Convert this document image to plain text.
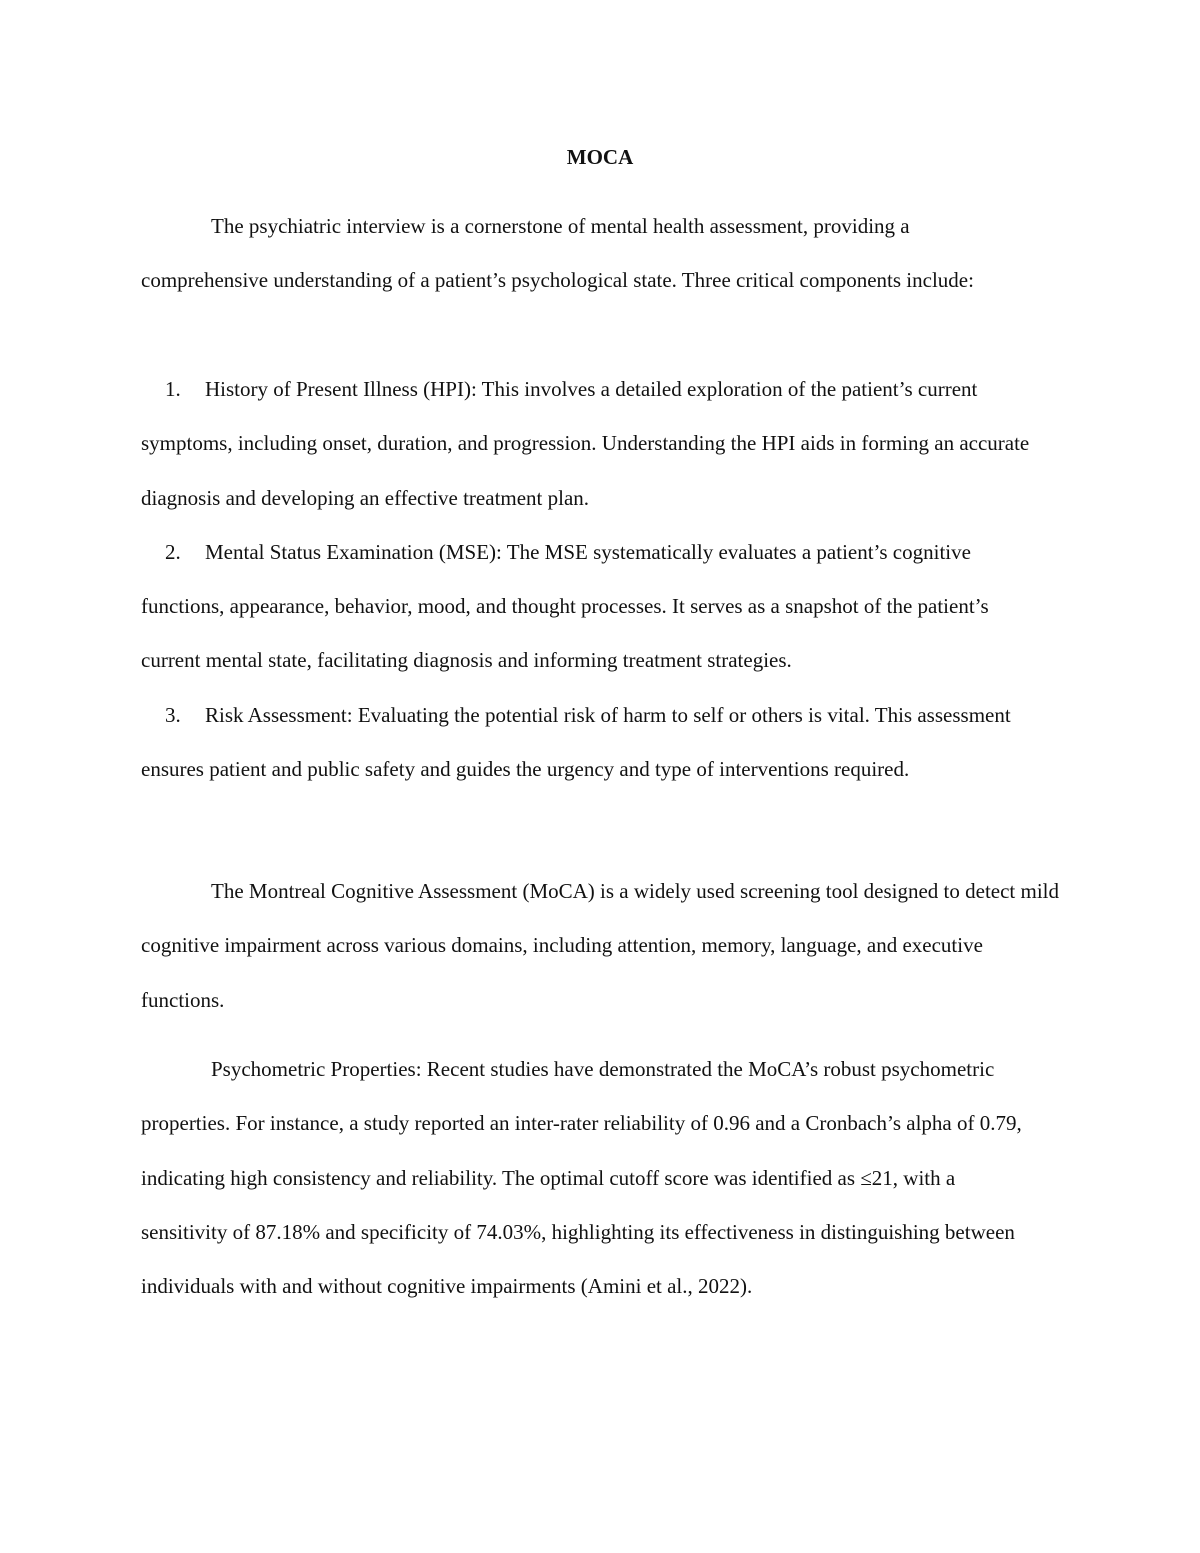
MOCA

The psychiatric interview is a cornerstone of mental health assessment, providing a comprehensive understanding of a patient’s psychological state. Three critical components include:

1. History of Present Illness (HPI): This involves a detailed exploration of the patient’s current symptoms, including onset, duration, and progression. Understanding the HPI aids in forming an accurate diagnosis and developing an effective treatment plan.
2. Mental Status Examination (MSE): The MSE systematically evaluates a patient’s cognitive functions, appearance, behavior, mood, and thought processes. It serves as a snapshot of the patient’s current mental state, facilitating diagnosis and informing treatment strategies.
3. Risk Assessment: Evaluating the potential risk of harm to self or others is vital. This assessment ensures patient and public safety and guides the urgency and type of interventions required.

The Montreal Cognitive Assessment (MoCA) is a widely used screening tool designed to detect mild cognitive impairment across various domains, including attention, memory, language, and executive functions.

Psychometric Properties: Recent studies have demonstrated the MoCA’s robust psychometric properties. For instance, a study reported an inter-rater reliability of 0.96 and a Cronbach’s alpha of 0.79, indicating high consistency and reliability. The optimal cutoff score was identified as ≤21, with a sensitivity of 87.18% and specificity of 74.03%, highlighting its effectiveness in distinguishing between individuals with and without cognitive impairments (Amini et al., 2022).
